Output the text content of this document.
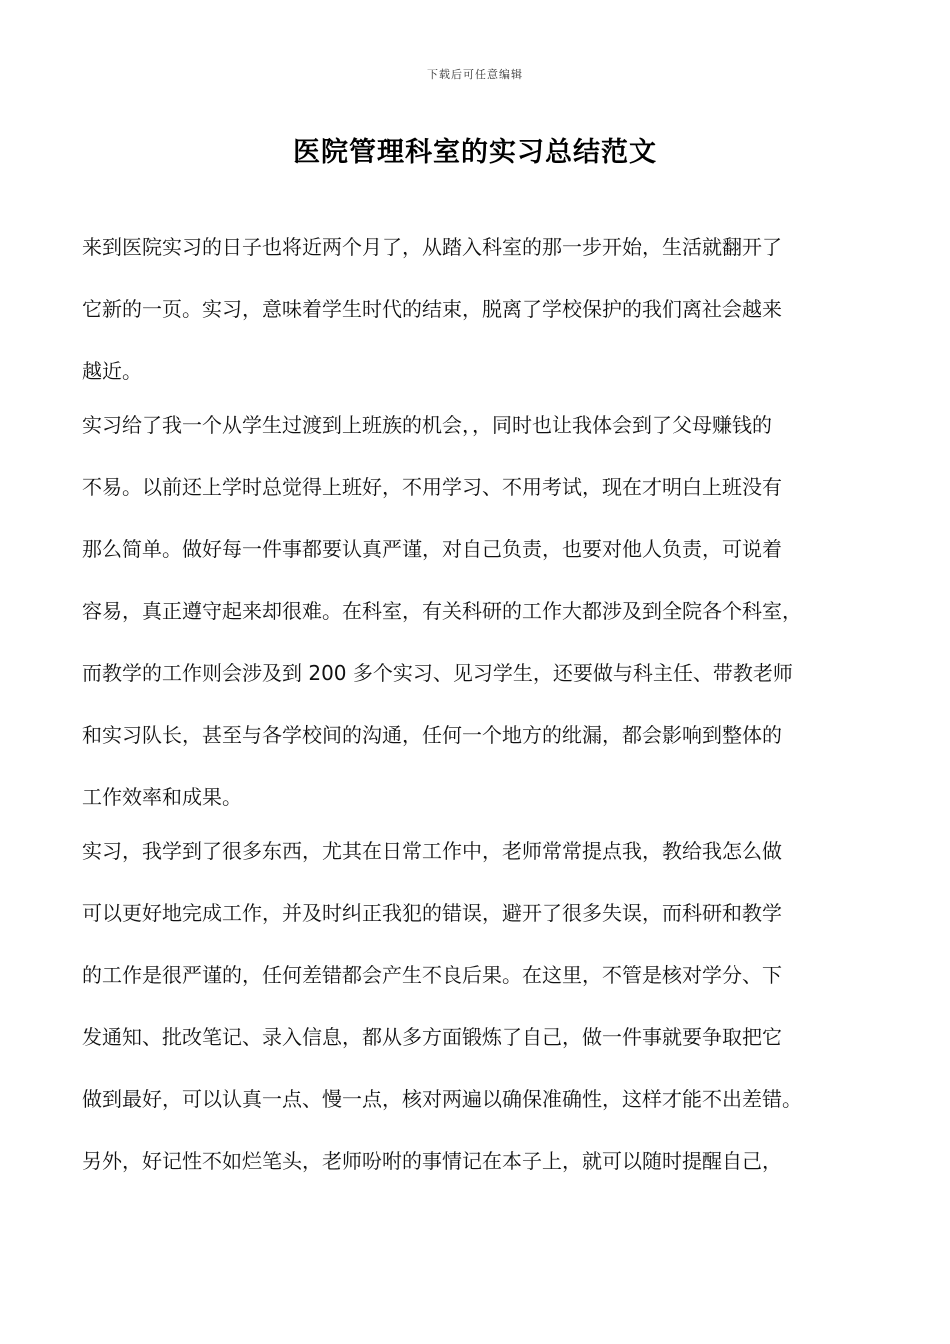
下载后可任意编辑
医院管理科室的实习总结范文
来到医院实习的日子也将近两个月了，从踏入科室的那一步开始，生活就翻开了
它新的一页。实习，意味着学生时代的结束，脱离了学校保护的我们离社会越来
越近。
实习给了我一个从学生过渡到上班族的机会，，同时也让我体会到了父母赚钱的
不易。以前还上学时总觉得上班好，不用学习、不用考试，现在才明白上班没有
那么简单。做好每一件事都要认真严谨，对自己负责，也要对他人负责，可说着
容易，真正遵守起来却很难。在科室，有关科研的工作大都涉及到全院各个科室，
而教学的工作则会涉及到 200 多个实习、见习学生，还要做与科主任、带教老师
和实习队长，甚至与各学校间的沟通，任何一个地方的纰漏，都会影响到整体的
工作效率和成果。
实习，我学到了很多东西，尤其在日常工作中，老师常常提点我，教给我怎么做
可以更好地完成工作，并及时纠正我犯的错误，避开了很多失误，而科研和教学
的工作是很严谨的，任何差错都会产生不良后果。在这里，不管是核对学分、下
发通知、批改笔记、录入信息，都从多方面锻炼了自己，做一件事就要争取把它
做到最好，可以认真一点、慢一点，核对两遍以确保准确性，这样才能不出差错。
另外，好记性不如烂笔头，老师吩咐的事情记在本子上，就可以随时提醒自己，
